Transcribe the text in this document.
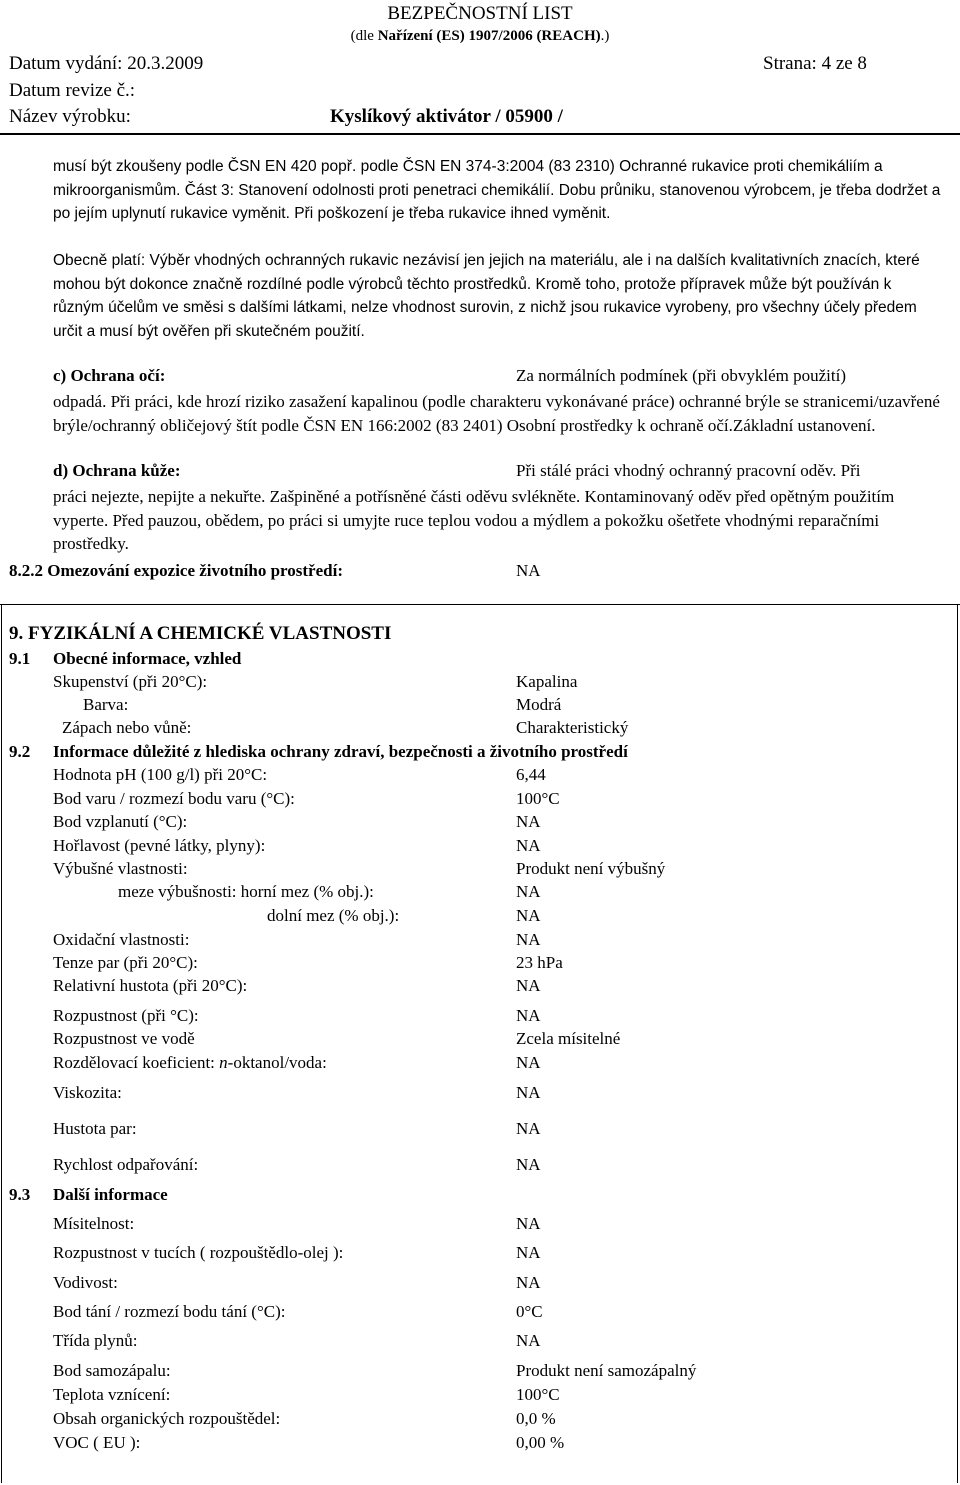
BEZPEČNOSTNÍ LIST
(dle Nařízení (ES) 1907/2006 (REACH).)
Datum vydání: 20.3.2009	Strana: 4 ze 8
Datum revize č.:
Název výrobku:	Kyslíkový aktivátor / 05900 /
musí být zkoušeny podle ČSN EN 420 popř. podle ČSN EN 374-3:2004 (83 2310) Ochranné rukavice proti chemikáliím a mikroorganismům. Část 3: Stanovení odolnosti proti penetraci chemikálií. Dobu průniku, stanovenou výrobcem, je třeba dodržet a po jejím uplynutí rukavice vyměnit. Při poškození je třeba rukavice ihned vyměnit.
Obecně platí: Výběr vhodných ochranných rukavic nezávisí jen jejich na materiálu, ale i na dalších kvalitativních znacích, které mohou být dokonce značně rozdílné podle výrobců těchto prostředků. Kromě toho, protože přípravek může být používán k různým účelům ve směsi s dalšími látkami, nelze vhodnost surovin, z nichž jsou rukavice vyrobeny, pro všechny účely předem určit a musí být ověřen při skutečném použití.
c) Ochrana očí:	Za normálních podmínek (při obvyklém použití)
odpadá. Při práci, kde hrozí riziko zasažení kapalinou (podle charakteru vykonávané práce) ochranné brýle se stranicemi/uzavřené brýle/ochranný obličejový štít podle ČSN EN 166:2002 (83 2401) Osobní prostředky k ochraně očí.Základní ustanovení.
d) Ochrana kůže:	Při stálé práci vhodný ochranný pracovní oděv. Při
práci nejezte, nepijte a nekuřte. Zašpiněné a potřísněné části oděvu svlékněte. Kontaminovaný oděv před opětným použitím vyperte. Před pauzou, obědem, po práci si umyjte ruce teplou vodou a mýdlem a pokožku ošetřete vhodnými reparačními prostředky.
8.2.2 Omezování expozice životního prostředí:	NA
9. FYZIKÁLNÍ A CHEMICKÉ VLASTNOSTI
9.1 Obecné informace, vzhled
Skupenství (při 20°C):	Kapalina
Barva:	Modrá
Zápach nebo vůně:	Charakteristický
9.2 Informace důležité z hlediska ochrany zdraví, bezpečnosti a životního prostředí
Hodnota pH (100 g/l) při 20°C:	6,44
Bod varu / rozmezí bodu varu (°C):	100°C
Bod vzplanutí (°C):	NA
Hořlavost (pevné látky, plyny):	NA
Výbušné vlastnosti:	Produkt není výbušný
meze výbušnosti: horní mez (% obj.):	NA
dolní mez (% obj.):	NA
Oxidační vlastnosti:	NA
Tenze par (při 20°C):	23 hPa
Relativní hustota (při 20°C):	NA
Rozpustnost (při °C):	NA
Rozpustnost ve vodě	Zcela mísitelné
Rozdělovací koeficient: n-oktanol/voda:	NA
Viskozita:	NA
Hustota par:	NA
Rychlost odpařování:	NA
9.3 Další informace
Mísitelnost:	NA
Rozpustnost v tucích ( rozpouštědlo-olej ):	NA
Vodivost:	NA
Bod tání / rozmezí bodu tání (°C):	0°C
Třída plynů:	NA
Bod samozápalu:	Produkt není samozápalný
Teplota vznícení:	100°C
Obsah organických rozpouštědel:	0,0 %
VOC ( EU ):	0,00 %
